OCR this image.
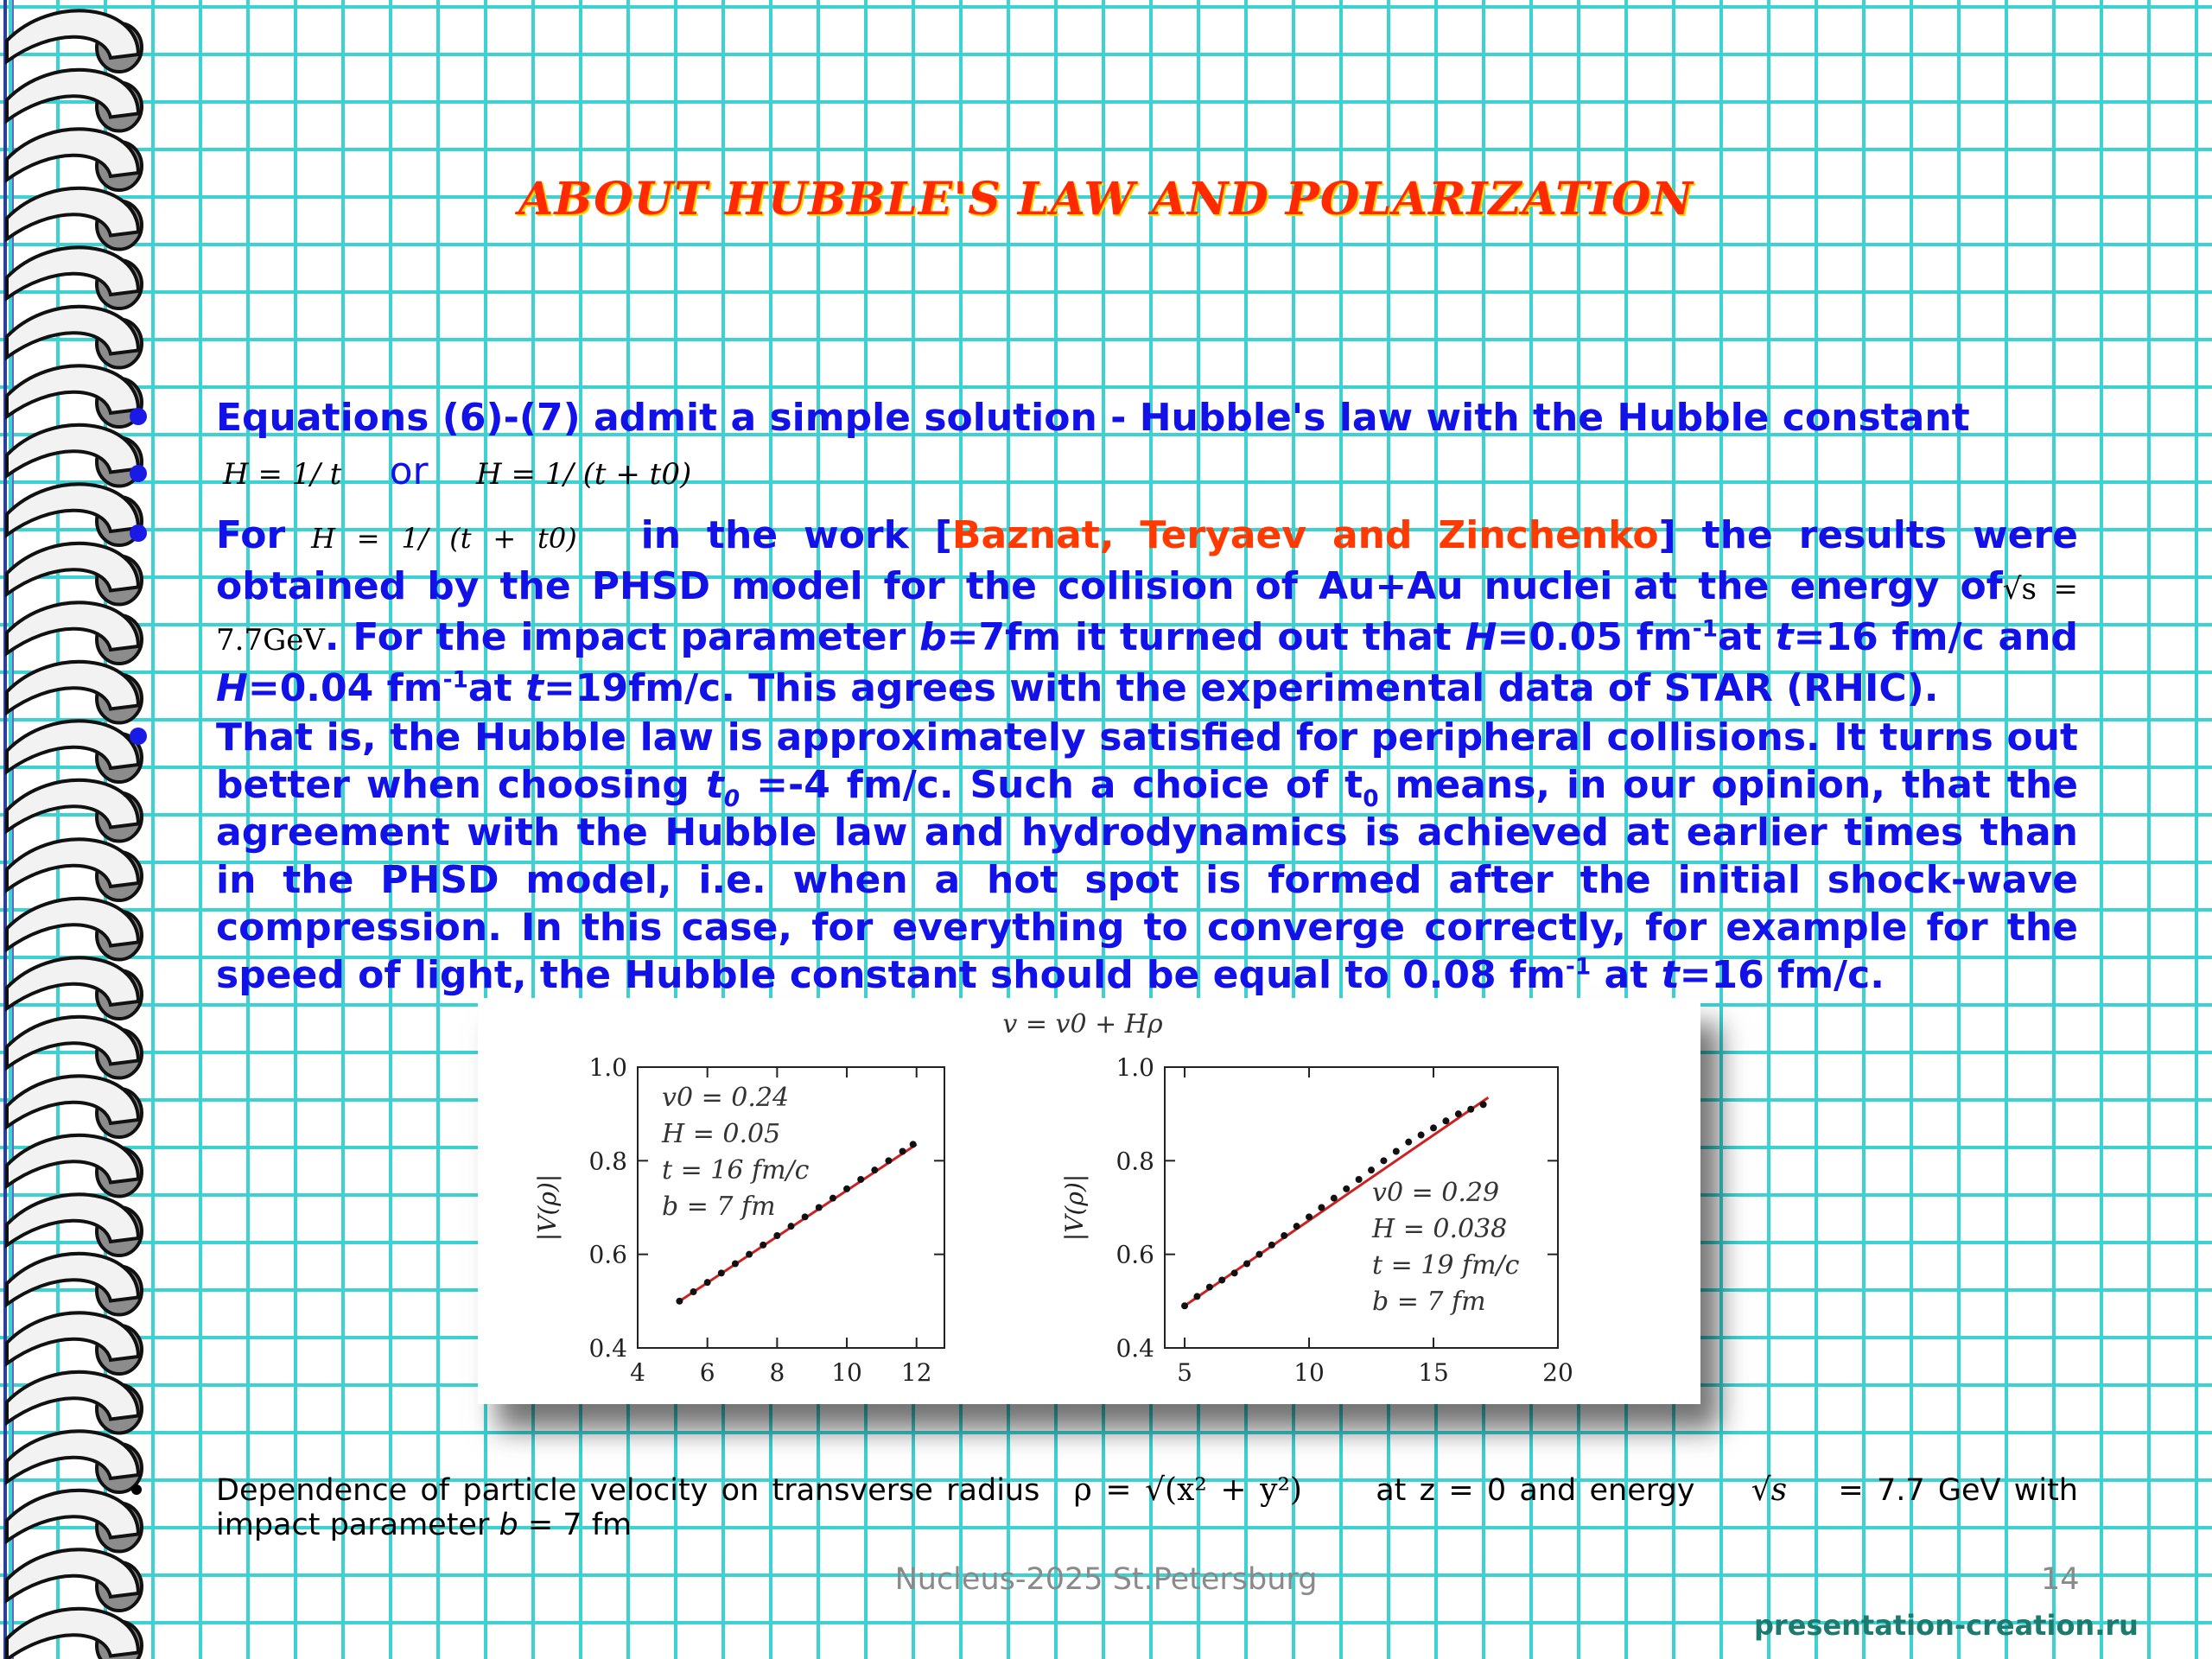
ABOUT HUBBLE'S LAW AND POLARIZATION
Equations (6)-(7) admit a simple solution - Hubble's law with the Hubble constant
H = 1/ t or H = 1/ (t + t0)
For H = 1/ (t + t0) in the work [Baznat, Teryaev and Zinchenko] the results were obtained by the PHSD model for the collision of Au+Au nuclei at the energy of√s = 7.7GeV. For the impact parameter b=7fm it turned out that H=0.05 $fm^{-1}at$ t=16 fm/c and H=0.04 $fm^{-1}at$ t=19fm/c. This agrees with the experimental data of STAR (RHIC).
That is, the Hubble law is approximately satisfied for peripheral collisions. It turns out better when choosing $t_0 =-4$ fm/c. Such a choice of $t_0$ means, in our opinion, that the agreement with the Hubble law and hydrodynamics is achieved at earlier times than in the PHSD model, i.e. when a hot spot is formed after the initial shock-wave compression. In this case, for everything to converge correctly, for example for the speed of light, the Hubble constant should be equal to 0.08 $fm^{-1}$ at t=16 fm/c.
v = v0 + Hρ
0.4
0.6
0.8
1.0
4 6 8 10 12
|V(ρ)|
v0 = 0.24
H = 0.05
t = 16 fm/c
b = 7 fm
0.4
0.6
0.8
1.0
5	10	15	20
|V(ρ)|	v0 = 0.29
H = 0.038
t = 19 fm/c
b = 7 fm
Dependence of particle velocity on transverse radius ρ = √(x² + y²) at z = 0 and energy √s = 7.7 GeV with impact parameter b = 7 fm
Nucleus-2025 St.Petersburg	14
presentation-creation.ru
